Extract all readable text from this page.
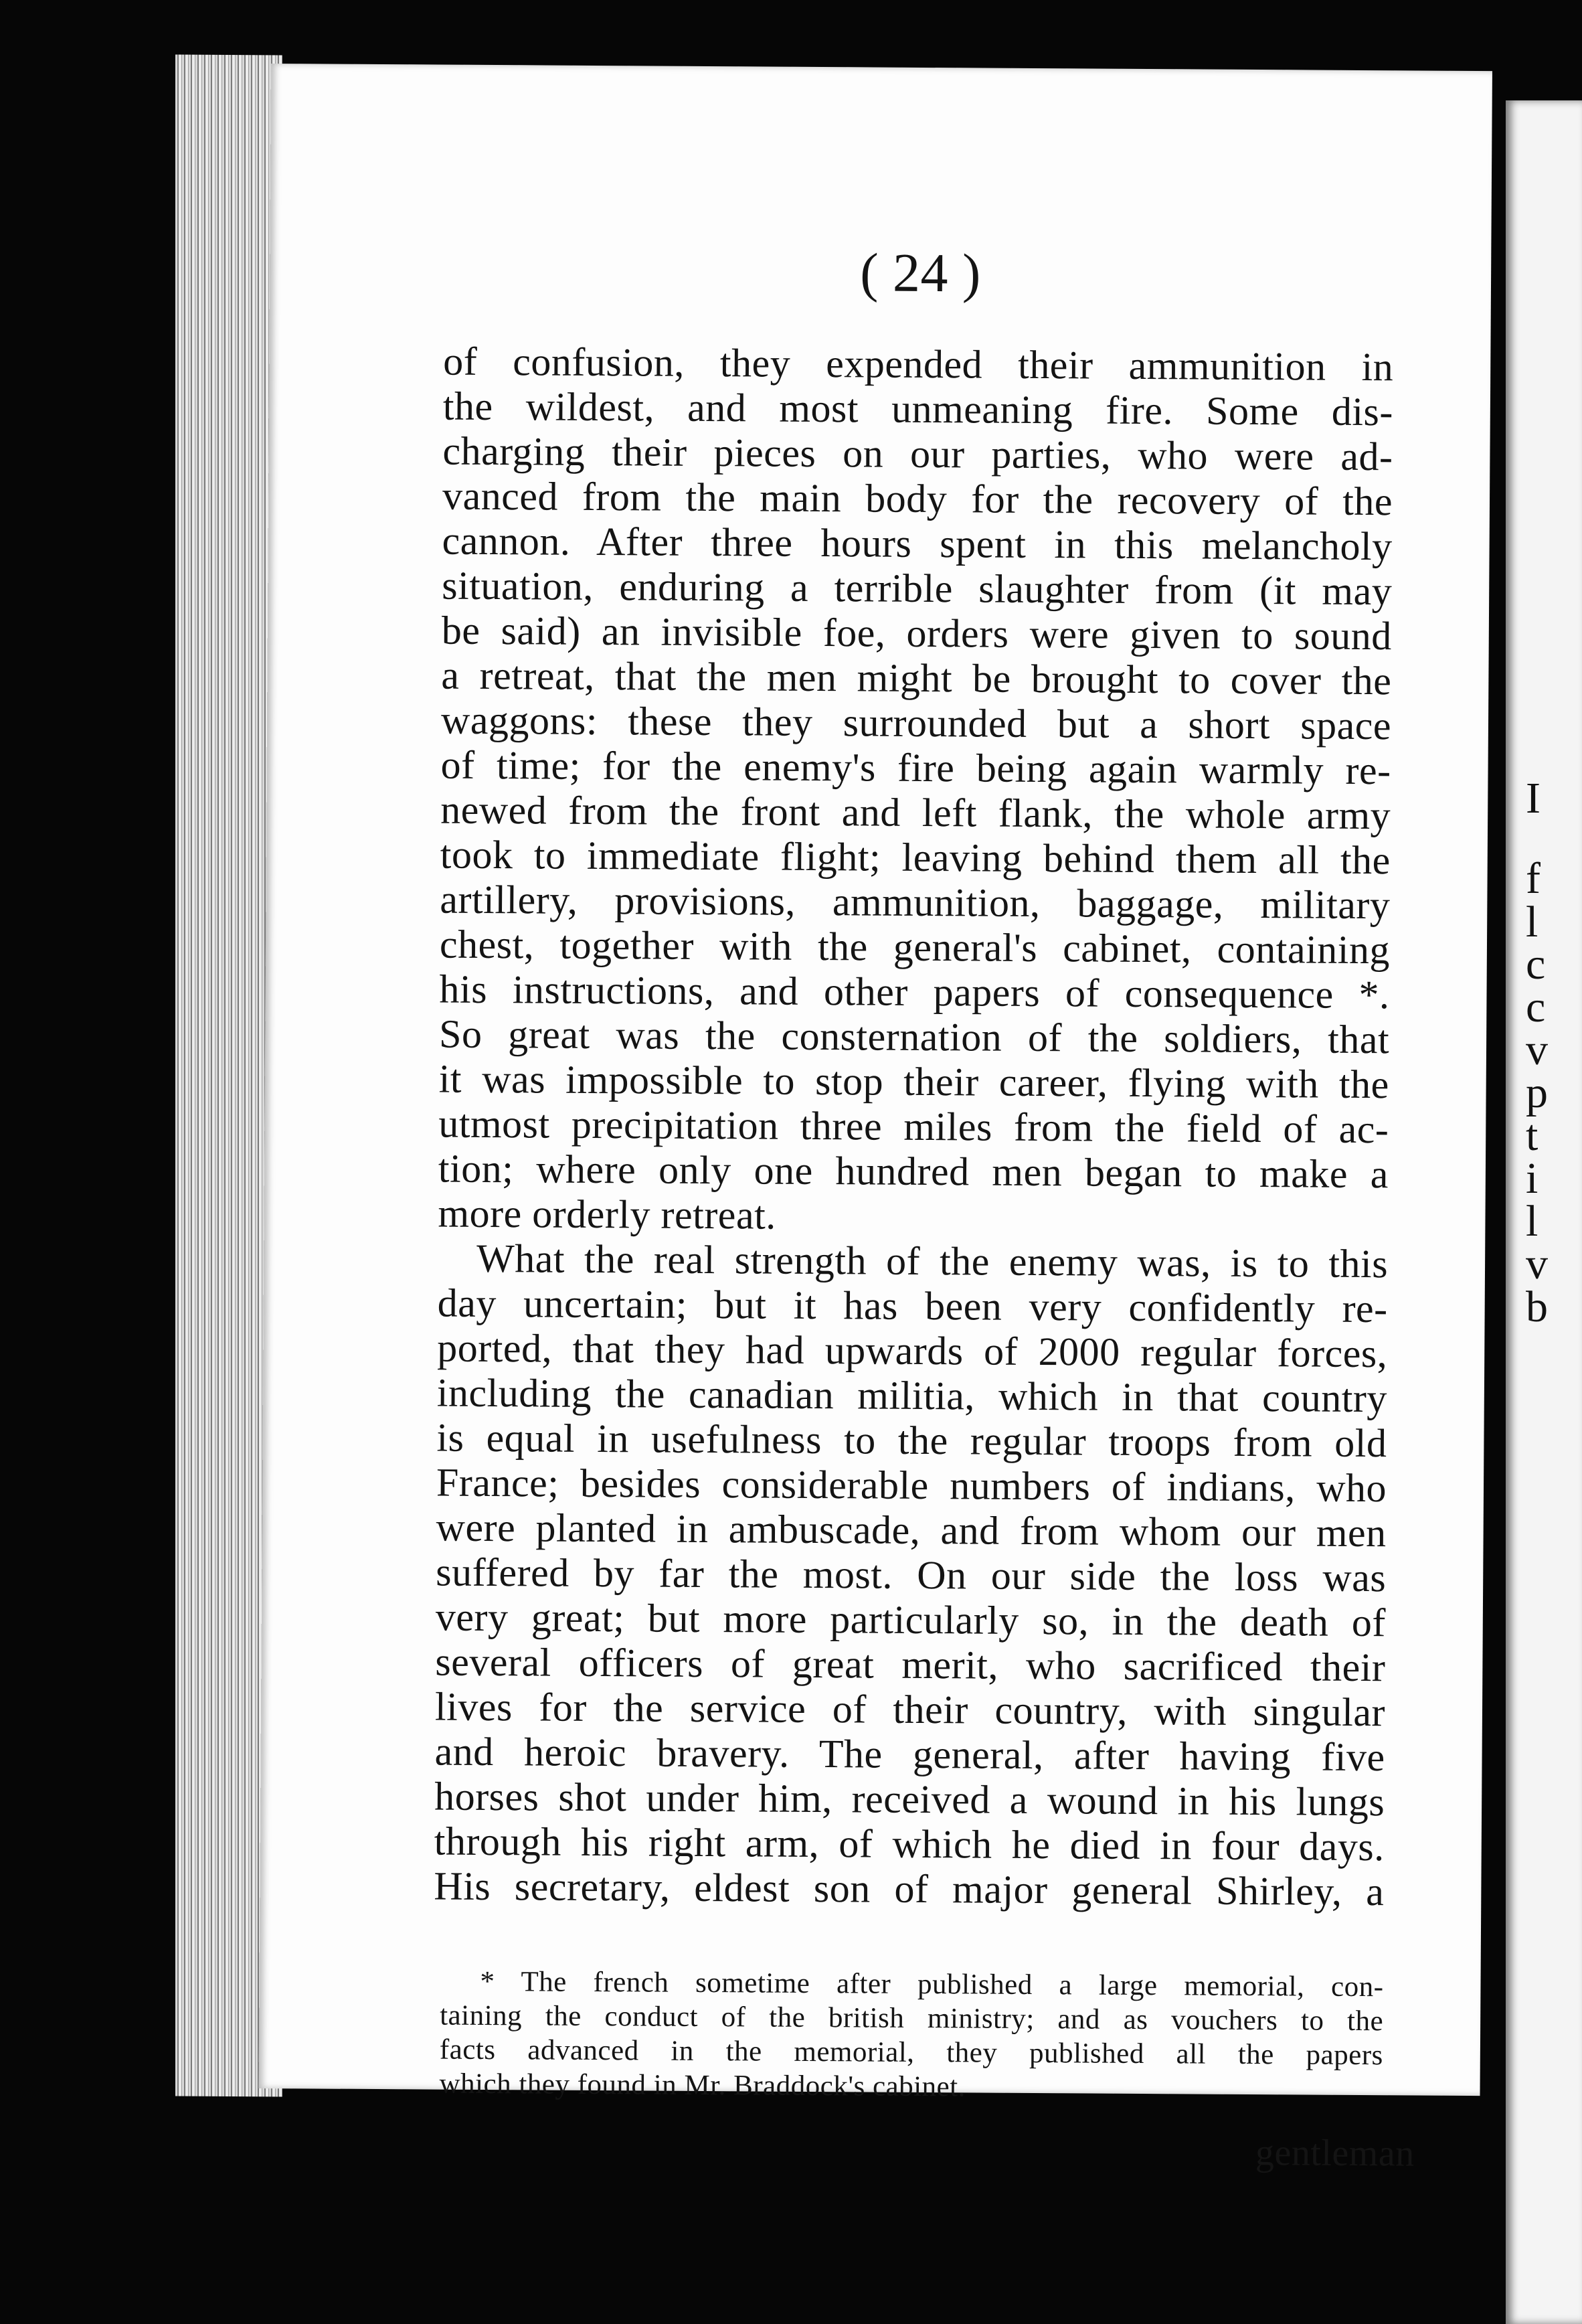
I
f
l
c
c
v
p
t
i
l
v
b
( 24 )
of confusion, they expended their ammunition in
the wildest, and most unmeaning fire. Some dis-
charging their pieces on our parties, who were ad-
vanced from the main body for the recovery of the
cannon. After three hours spent in this melancholy
situation, enduring a terrible slaughter from (it may
be said) an invisible foe, orders were given to sound
a retreat, that the men might be brought to cover the
waggons: these they surrounded but a short space
of time; for the enemy's fire being again warmly re-
newed from the front and left flank, the whole army
took to immediate flight; leaving behind them all the
artillery, provisions, ammunition, baggage, military
chest, together with the general's cabinet, containing
his instructions, and other papers of consequence *.
So great was the consternation of the soldiers, that
it was impossible to stop their career, flying with the
utmost precipitation three miles from the field of ac-
tion; where only one hundred men began to make a
more orderly retreat.
What the real strength of the enemy was, is to this
day uncertain; but it has been very confidently re-
ported, that they had upwards of 2000 regular forces,
including the canadian militia, which in that country
is equal in usefulness to the regular troops from old
France; besides considerable numbers of indians, who
were planted in ambuscade, and from whom our men
suffered by far the most. On our side the loss was
very great; but more particularly so, in the death of
several officers of great merit, who sacrificed their
lives for the service of their country, with singular
and heroic bravery. The general, after having five
horses shot under him, received a wound in his lungs
through his right arm, of which he died in four days.
His secretary, eldest son of major general Shirley, a
* The french sometime after published a large memorial, con-
taining the conduct of the british ministry; and as vouchers to the
facts advanced in the memorial, they published all the papers
which they found in Mr. Braddock's cabinet.
gentleman
